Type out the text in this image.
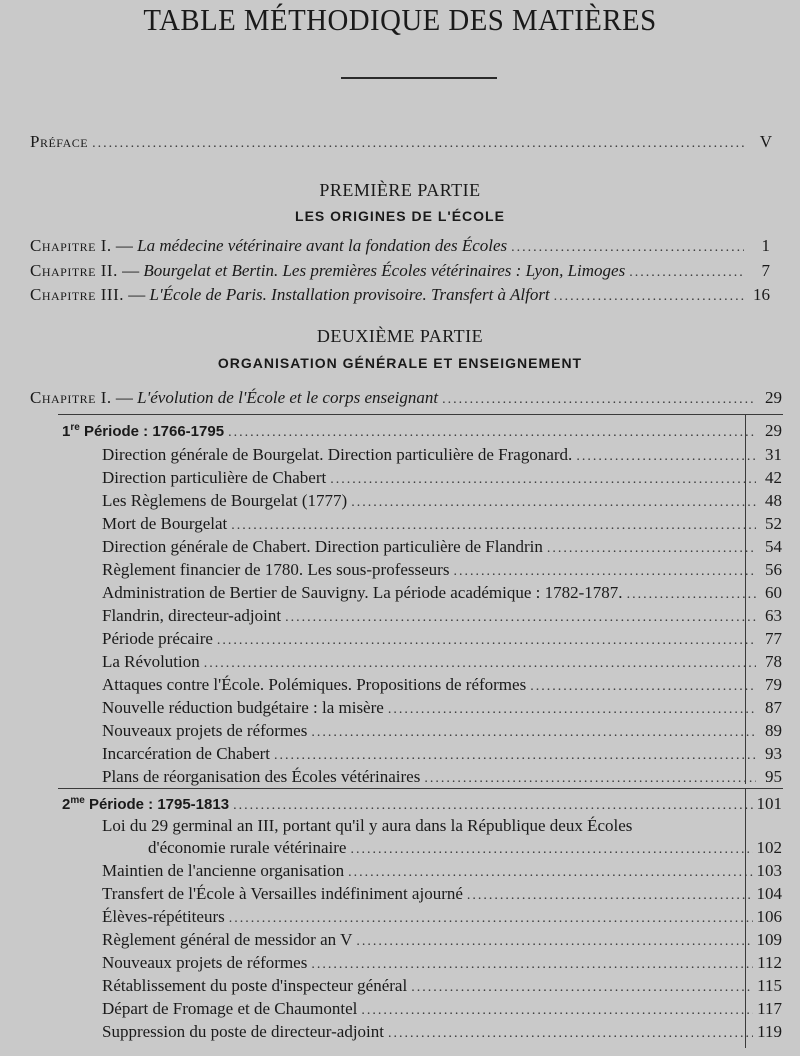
TABLE MÉTHODIQUE DES MATIÈRES
Préface .....	V
PREMIÈRE PARTIE
LES ORIGINES DE L'ÉCOLE
Chapitre I. — La médecine vétérinaire avant la fondation des Écoles .....	1
Chapitre II. — Bourgelat et Bertin. Les premières Écoles vétérinaires : Lyon, Limoges .....	7
Chapitre III. — L'École de Paris. Installation provisoire. Transfert à Alfort .....	16
DEUXIÈME PARTIE
ORGANISATION GÉNÉRALE ET ENSEIGNEMENT
Chapitre I. — L'évolution de l'École et le corps enseignant .....	29
1re Période : 1766-1795 .....	29
Direction générale de Bourgelat. Direction particulière de Fragonard. .....	31
Direction particulière de Chabert .....	42
Les Règlemens de Bourgelat (1777) .....	48
Mort de Bourgelat .....	52
Direction générale de Chabert. Direction particulière de Flandrin .....	54
Règlement financier de 1780. Les sous-professeurs .....	56
Administration de Bertier de Sauvigny. La période académique : 1782-1787. .....	60
Flandrin, directeur-adjoint .....	63
Période précaire .....	77
La Révolution .....	78
Attaques contre l'École. Polémiques. Propositions de réformes .....	79
Nouvelle réduction budgétaire : la misère .....	87
Nouveaux projets de réformes .....	89
Incarcération de Chabert .....	93
Plans de réorganisation des Écoles vétérinaires .....	95
$2^{me}$ Période : 1795-1813 .....	101
Loi du 29 germinal an III, portant qu'il y aura dans la République deux Écoles
d'économie rurale vétérinaire .....	102
Maintien de l'ancienne organisation .....	103
Transfert de l'École à Versailles indéfiniment ajourné .....	104
Élèves-répétiteurs .....	106
Règlement général de messidor an V .....	109
Nouveaux projets de réformes .....	112
Rétablissement du poste d'inspecteur général .....	115
Départ de Fromage et de Chaumontel .....	117
Suppression du poste de directeur-adjoint .....	119
